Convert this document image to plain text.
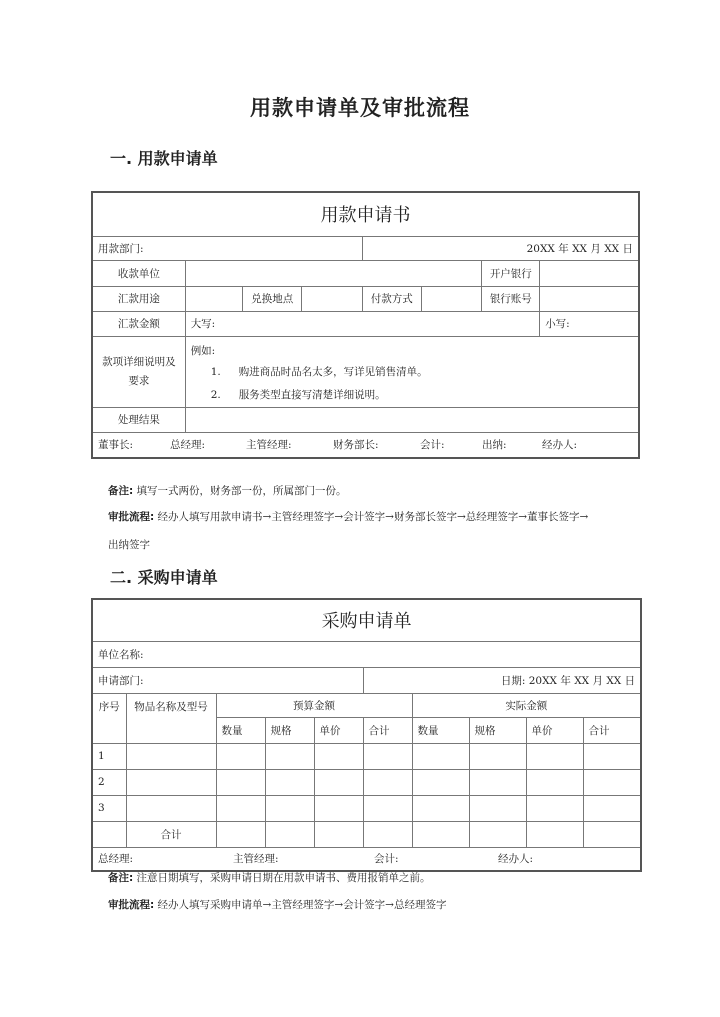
用款申请单及审批流程
一. 用款申请单
用款申请书							
用款部门:				20XX 年 XX 月 XX 日			
收款单位						开户银行	
汇款用途		兑换地点		付款方式		银行账号	
汇款金额	大写:						小写:
款项详细说明及要求	例如:
1. 购进商品时品名太多，写详见销售清单。
2. 服务类型直接写清楚详细说明。						

处理结果							
董事长: 总经理: 主管经理: 财务部长: 会计: 出纳: 经办人:							
备注: 填写一式两份，财务部一份，所属部门一份。
审批流程: 经办人填写用款申请书→主管经理签字→会计签字→财务部长签字→总经理签字→董事长签字→
出纳签字
二. 采购申请单
采购申请单									
单位名称:									
申请部门:					日期: 20XX 年 XX 月 XX 日				
序号	物品名称及型号	预算金额				实际金额			
		数量	规格	单价	合计	数量	规格	单价	合计
1									
2									
3									
	合计								
总经理: 主管经理: 会计: 经办人:									
备注: 注意日期填写，采购申请日期在用款申请书、费用报销单之前。
审批流程: 经办人填写采购申请单→主管经理签字→会计签字→总经理签字
